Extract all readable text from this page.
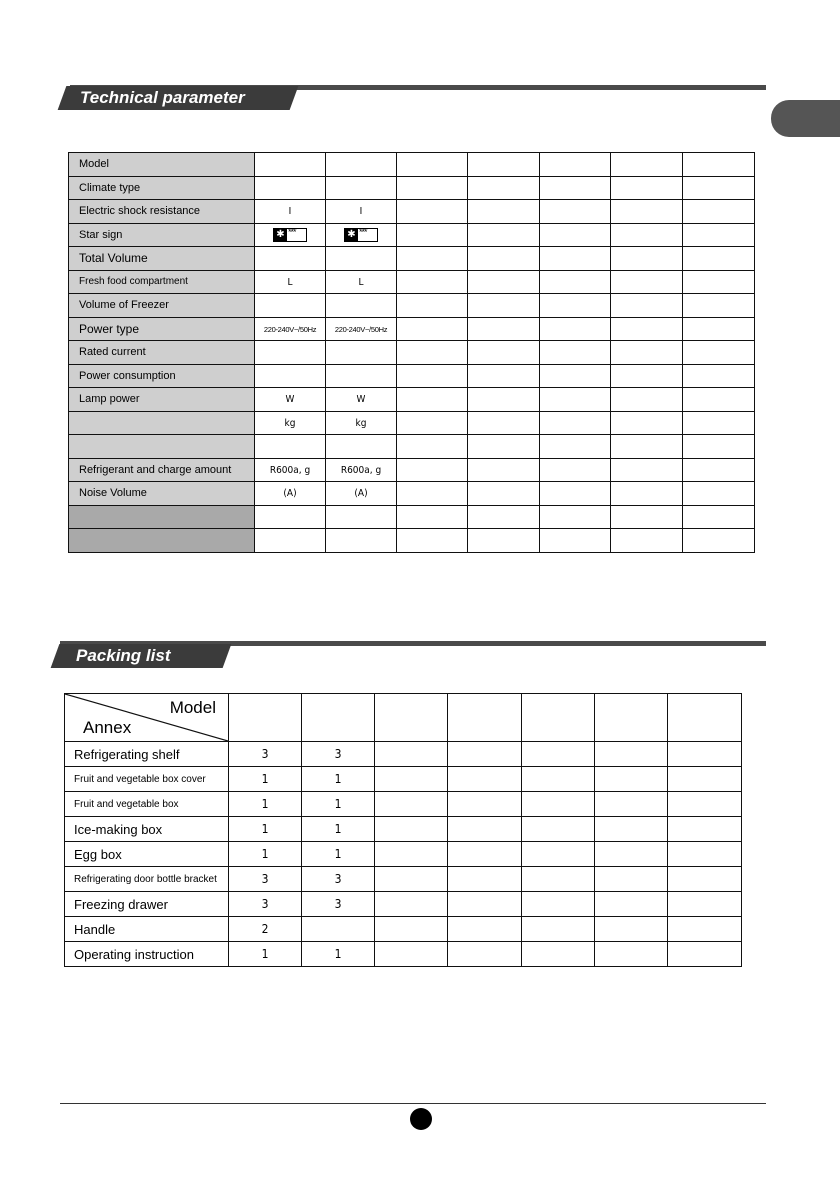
Technical parameter
Model							
Climate type							
Electric shock resistance	I	I					
Star sign	✱ ***	✱ ***					

Total Volume							
Fresh food compartment	L	L					
Volume of Freezer							
Power type	220-240V~/50Hz	220-240V~/50Hz					
Rated current							
Power consumption							
Lamp power	W	W					
	kg	kg					

Refrigerant and charge amount	R600a, g	R600a, g					
Noise Volume	(A)	(A)					

Packing list
Model
Annex							

Refrigerating shelf	3	3					
Fruit and vegetable box cover	1	1					
Fruit and vegetable box	1	1					
Ice-making box	1	1					
Egg box	1	1					
Refrigerating door bottle bracket	3	3					
Freezing drawer	3	3					
Handle	2						
Operating instruction	1	1					
